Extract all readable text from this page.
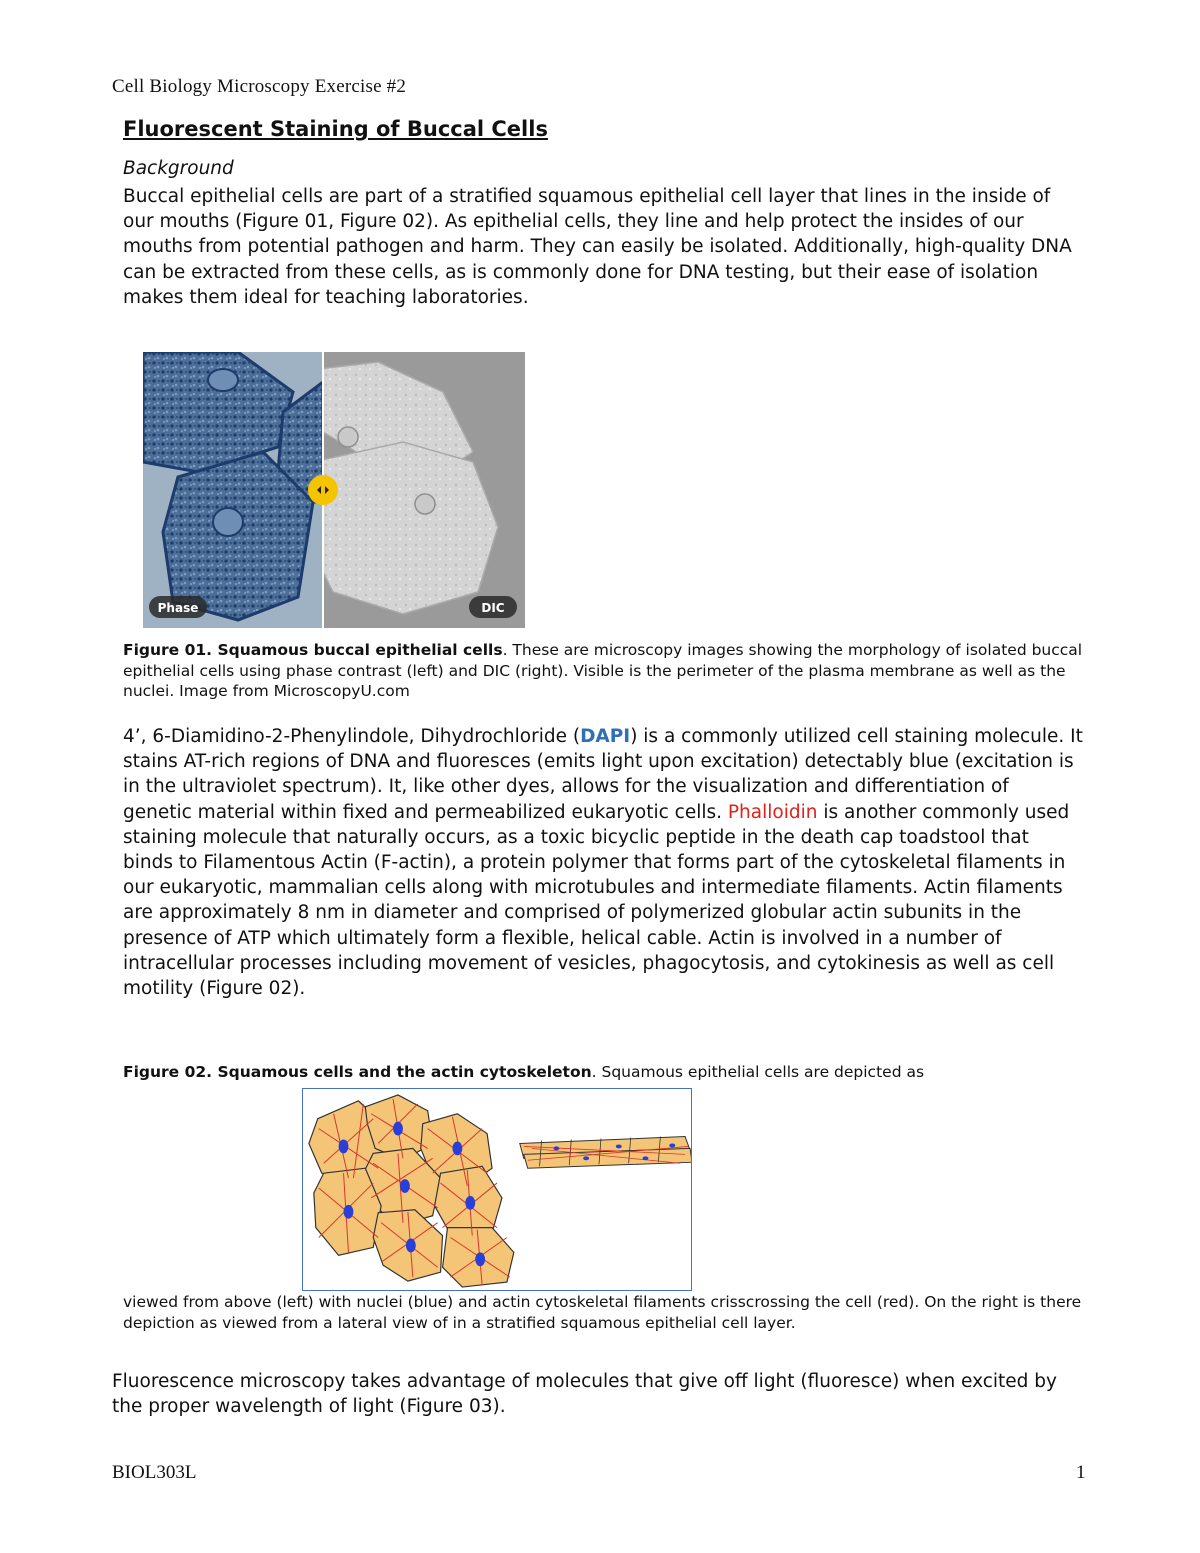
Cell Biology Microscopy Exercise #2
Fluorescent Staining of Buccal Cells
Background
Buccal epithelial cells are part of a stratified squamous epithelial cell layer that lines in the inside of our mouths (Figure 01, Figure 02). As epithelial cells, they line and help protect the insides of our mouths from potential pathogen and harm. They can easily be isolated. Additionally, high-quality DNA can be extracted from these cells, as is commonly done for DNA testing, but their ease of isolation makes them ideal for teaching laboratories.
Phase	DIC
Figure 01. Squamous buccal epithelial cells. These are microscopy images showing the morphology of isolated buccal epithelial cells using phase contrast (left) and DIC (right). Visible is the perimeter of the plasma membrane as well as the nuclei. Image from MicroscopyU.com
4’, 6-Diamidino-2-Phenylindole, Dihydrochloride (DAPI) is a commonly utilized cell staining molecule. It stains AT-rich regions of DNA and fluoresces (emits light upon excitation) detectably blue (excitation is in the ultraviolet spectrum). It, like other dyes, allows for the visualization and differentiation of genetic material within fixed and permeabilized eukaryotic cells. Phalloidin is another commonly used staining molecule that naturally occurs, as a toxic bicyclic peptide in the death cap toadstool that binds to Filamentous Actin (F-actin), a protein polymer that forms part of the cytoskeletal filaments in our eukaryotic, mammalian cells along with microtubules and intermediate filaments. Actin filaments are approximately 8 nm in diameter and comprised of polymerized globular actin subunits in the presence of ATP which ultimately form a flexible, helical cable. Actin is involved in a number of intracellular processes including movement of vesicles, phagocytosis, and cytokinesis as well as cell motility (Figure 02).
Figure 02. Squamous cells and the actin cytoskeleton. Squamous epithelial cells are depicted as
viewed from above (left) with nuclei (blue) and actin cytoskeletal filaments crisscrossing the cell (red). On the right is there depiction as viewed from a lateral view of in a stratified squamous epithelial cell layer.
Fluorescence microscopy takes advantage of molecules that give off light (fluoresce) when excited by the proper wavelength of light (Figure 03).
BIOL303L	1
